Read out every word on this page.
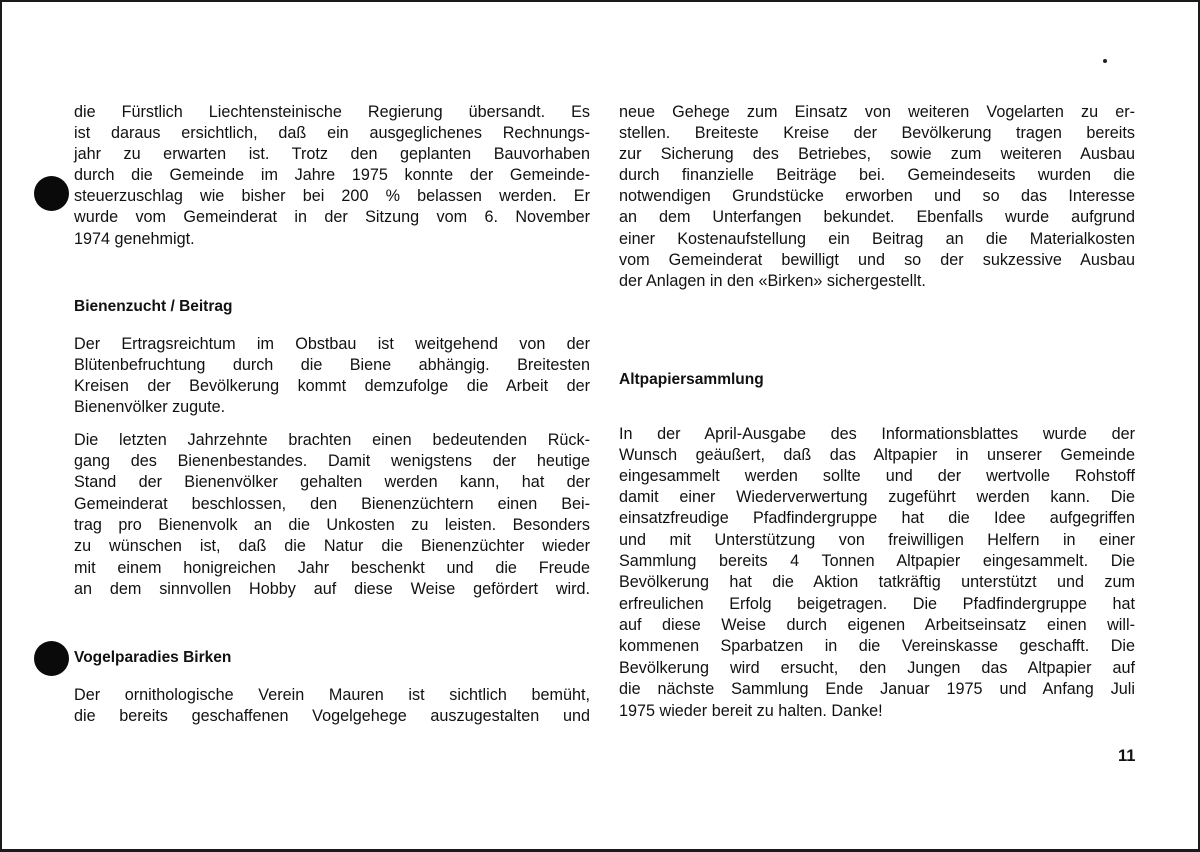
die Fürstlich Liechtensteinische Regierung übersandt. Es
ist daraus ersichtlich, daß ein ausgeglichenes Rechnungs-
jahr zu erwarten ist. Trotz den geplanten Bauvorhaben
durch die Gemeinde im Jahre 1975 konnte der Gemeinde-
steuerzuschlag wie bisher bei 200 % belassen werden. Er
wurde vom Gemeinderat in der Sitzung vom 6. November
1974 genehmigt.
Bienenzucht / Beitrag
Der Ertragsreichtum im Obstbau ist weitgehend von der
Blütenbefruchtung durch die Biene abhängig. Breitesten
Kreisen der Bevölkerung kommt demzufolge die Arbeit der
Bienenvölker zugute.
Die letzten Jahrzehnte brachten einen bedeutenden Rück-
gang des Bienenbestandes. Damit wenigstens der heutige
Stand der Bienenvölker gehalten werden kann, hat der
Gemeinderat beschlossen, den Bienenzüchtern einen Bei-
trag pro Bienenvolk an die Unkosten zu leisten. Besonders
zu wünschen ist, daß die Natur die Bienenzüchter wieder
mit einem honigreichen Jahr beschenkt und die Freude
an dem sinnvollen Hobby auf diese Weise gefördert wird.
Vogelparadies Birken
Der ornithologische Verein Mauren ist sichtlich bemüht,
die bereits geschaffenen Vogelgehege auszugestalten und
neue Gehege zum Einsatz von weiteren Vogelarten zu er-
stellen. Breiteste Kreise der Bevölkerung tragen bereits
zur Sicherung des Betriebes, sowie zum weiteren Ausbau
durch finanzielle Beiträge bei. Gemeindeseits wurden die
notwendigen Grundstücke erworben und so das Interesse
an dem Unterfangen bekundet. Ebenfalls wurde aufgrund
einer Kostenaufstellung ein Beitrag an die Materialkosten
vom Gemeinderat bewilligt und so der sukzessive Ausbau
der Anlagen in den «Birken» sichergestellt.
Altpapiersammlung
In der April-Ausgabe des Informationsblattes wurde der
Wunsch geäußert, daß das Altpapier in unserer Gemeinde
eingesammelt werden sollte und der wertvolle Rohstoff
damit einer Wiederverwertung zugeführt werden kann. Die
einsatzfreudige Pfadfindergruppe hat die Idee aufgegriffen
und mit Unterstützung von freiwilligen Helfern in einer
Sammlung bereits 4 Tonnen Altpapier eingesammelt. Die
Bevölkerung hat die Aktion tatkräftig unterstützt und zum
erfreulichen Erfolg beigetragen. Die Pfadfindergruppe hat
auf diese Weise durch eigenen Arbeitseinsatz einen will-
kommenen Sparbatzen in die Vereinskasse geschafft. Die
Bevölkerung wird ersucht, den Jungen das Altpapier auf
die nächste Sammlung Ende Januar 1975 und Anfang Juli
1975 wieder bereit zu halten. Danke!
11
